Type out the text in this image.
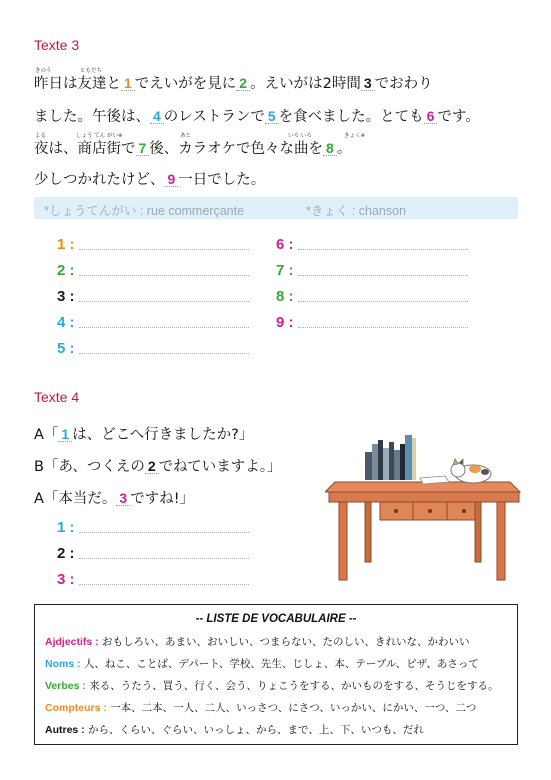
Texte 3
きのう	ともだち
よる	しょう てん がい※	あと	いろ いろ	きょく※
昨日は友達と 1 でえいがを見に 2 。えいがは2時間 3 でおわり
ました。午後は、 4 のレストランで 5 を食べました。とても 6 です。
夜は、商店街で 7 後、カラオケで色々な曲を 8 。
少しつかれたけど、 9 一日でした。
*しょうてんがい : rue commerçante	*きょく : chanson
1 :
2 :
3 :
4 :
5 :
6 :
7 :
8 :
9 :
Texte 4
A「 1 は、どこへ行きましたか?」
B「あ、つくえの 2 でねていますよ。」
A「本当だ。 3 ですね!」
1 :
2 :
3 :
-- LISTE DE VOCABULAIRE --
Ajdjectifs : おもしろい、あまい、おいしい、つまらない、たのしい、きれいな、かわいい
Noms : 人、ねこ、ことば、デパート、学校、先生、じしょ、本、テーブル、ピザ、あさって
Verbes : 来る、うたう、買う、行く、会う、りょこうをする、かいものをする、そうじをする。
Compteurs : 一本、二本、一人、二人、いっさつ、にさつ、いっかい、にかい、一つ、二つ
Autres : から、くらい、ぐらい、いっしょ、から、まで、上、下、いつも、だれ
